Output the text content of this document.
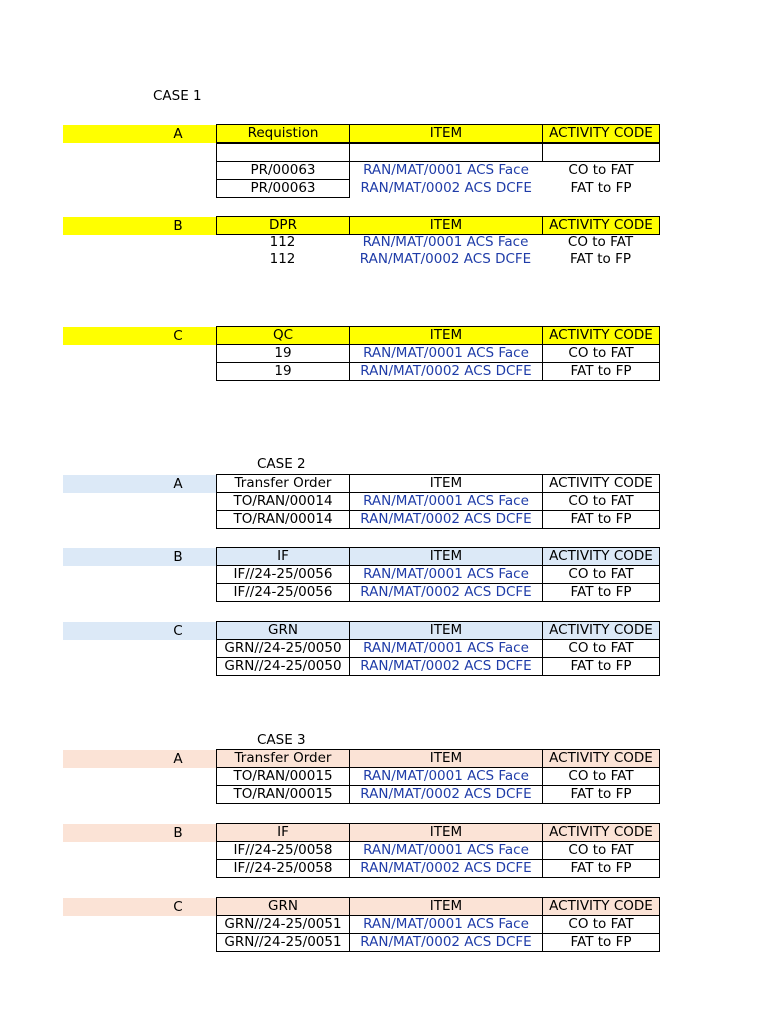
CASE 1
A	Requistion	ITEM	ACTIVITY CODE

PR/00063	RAN/MAT/0001 ACS Face	CO to FAT
PR/00063	RAN/MAT/0002 ACS DCFE	FAT to FP
B	DPR	ITEM	ACTIVITY CODE
112	RAN/MAT/0001 ACS Face	CO to FAT
112	RAN/MAT/0002 ACS DCFE	FAT to FP
C	QC	ITEM	ACTIVITY CODE
19	RAN/MAT/0001 ACS Face	CO to FAT
19	RAN/MAT/0002 ACS DCFE	FAT to FP
CASE 2
A	Transfer Order	ITEM	ACTIVITY CODE
TO/RAN/00014	RAN/MAT/0001 ACS Face	CO to FAT
TO/RAN/00014	RAN/MAT/0002 ACS DCFE	FAT to FP
B	IF	ITEM	ACTIVITY CODE
IF//24-25/0056	RAN/MAT/0001 ACS Face	CO to FAT
IF//24-25/0056	RAN/MAT/0002 ACS DCFE	FAT to FP
C	GRN	ITEM	ACTIVITY CODE
GRN//24-25/0050	RAN/MAT/0001 ACS Face	CO to FAT
GRN//24-25/0050	RAN/MAT/0002 ACS DCFE	FAT to FP
CASE 3
A	Transfer Order	ITEM	ACTIVITY CODE
TO/RAN/00015	RAN/MAT/0001 ACS Face	CO to FAT
TO/RAN/00015	RAN/MAT/0002 ACS DCFE	FAT to FP
B	IF	ITEM	ACTIVITY CODE
IF//24-25/0058	RAN/MAT/0001 ACS Face	CO to FAT
IF//24-25/0058	RAN/MAT/0002 ACS DCFE	FAT to FP
C	GRN	ITEM	ACTIVITY CODE
GRN//24-25/0051	RAN/MAT/0001 ACS Face	CO to FAT
GRN//24-25/0051	RAN/MAT/0002 ACS DCFE	FAT to FP
